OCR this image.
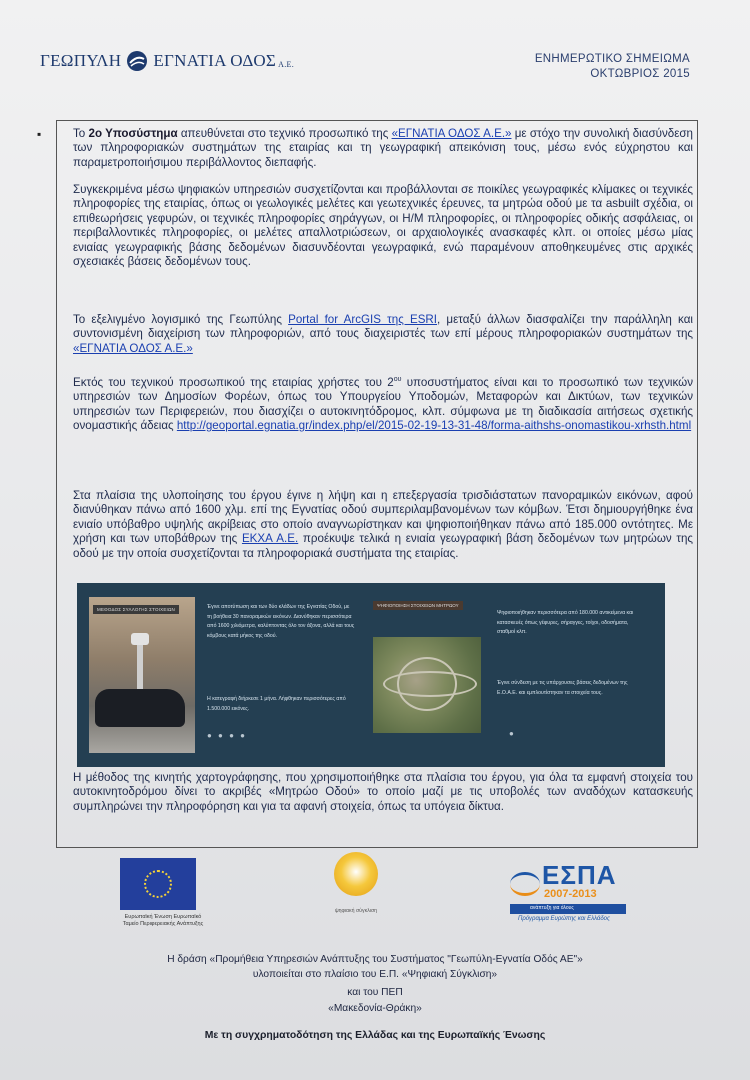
ΓΕΩΠΥΛΗ ΕΓΝΑΤΙΑ ΟΔΟΣ Α.Ε.	ΕΝΗΜΕΡΩΤΙΚΟ ΣΗΜΕΙΩΜΑ
ΟΚΤΩΒΡΙΟΣ 2015
▪	Το 2ο Υποσύστημα απευθύνεται στο τεχνικό προσωπικό της «ΕΓΝΑΤΙΑ ΟΔΟΣ Α.Ε.» με στόχο την συνολική διασύνδεση των πληροφοριακών συστημάτων της εταιρίας και τη γεωγραφική απεικόνιση τους, μέσω ενός εύχρηστου και παραμετροποιήσιμου περιβάλλοντος διεπαφής.

Συγκεκριμένα μέσω ψηφιακών υπηρεσιών συσχετίζονται και προβάλλονται σε ποικίλες γεωγραφικές κλίμακες οι τεχνικές πληροφορίες της εταιρίας, όπως οι γεωλογικές μελέτες και γεωτεχνικές έρευνες, τα μητρώα οδού με τα asbuilt σχέδια, οι επιθεωρήσεις γεφυρών, οι τεχνικές πληροφορίες σηράγγων, οι Η/Μ πληροφορίες, οι πληροφορίες οδικής ασφάλειας, οι περιβαλλοντικές πληροφορίες, οι μελέτες απαλλοτριώσεων, οι αρχαιολογικές ανασκαφές κλπ. οι οποίες μέσω μίας ενιαίας γεωγραφικής βάσης δεδομένων διασυνδέονται γεωγραφικά, ενώ παραμένουν αποθηκευμένες στις αρχικές σχεσιακές βάσεις δεδομένων τους.

Το εξελιγμένο λογισμικό της Γεωπύλης Portal for ArcGIS της ESRI, μεταξύ άλλων διασφαλίζει την παράλληλη και συντονισμένη διαχείριση των πληροφοριών, από τους διαχειριστές των επί μέρους πληροφοριακών συστημάτων της «ΕΓΝΑΤΙΑ ΟΔΟΣ Α.Ε.»

Εκτός του τεχνικού προσωπικού της εταιρίας χρήστες του $2^{o\upsilon}$ υποσυστήματος είναι και το προσωπικό των τεχνικών υπηρεσιών των Δημοσίων Φορέων, όπως του Υπουργείου Υποδομών, Μεταφορών και Δικτύων, των τεχνικών υπηρεσιών των Περιφερειών, που διασχίζει ο αυτοκινητόδρομος, κλπ. σύμφωνα με τη διαδικασία αιτήσεως σχετικής ονομαστικής άδειας http://geoportal.egnatia.gr/index.php/el/2015-02-19-13-31-48/forma-aithshs-onomastikou-xrhsth.html

Στα πλαίσια της υλοποίησης του έργου έγινε η λήψη και η επεξεργασία τρισδιάστατων πανοραμικών εικόνων, αφού διανύθηκαν πάνω από 1600 χλμ. επί της Εγνατίας οδού συμπεριλαμβανομένων των κόμβων. Έτσι δημιουργήθηκε ένα ενιαίο υπόβαθρο υψηλής ακρίβειας στο οποίο αναγνωρίστηκαν και ψηφιοποιήθηκαν πάνω από 185.000 οντότητες. Με χρήση και των υποβάθρων της ΕΚΧΑ Α.Ε. προέκυψε τελικά η ενιαία γεωγραφική βάση δεδομένων των μητρώων της οδού με την οποία συσχετίζονται τα πληροφοριακά συστήματα της εταιρίας.

ΜΕΘΟΔΟΣ ΣΥΛΛΟΓΗΣ ΣΤΟΙΧΕΙΩΝ	Έγινε αποτύπωση και των δύο κλάδων της Εγνατίας Οδού, με τη βοήθεια 30 πανοραμικών εικόνων. Διανύθηκαν περισσότερα από 1600 χιλιόμετρα, καλύπτοντας όλο τον άξονα, αλλά και τους κόμβους κατά μήκος της οδού.
Η κατεγραφή διήρκεσε 1 μήνα. Λήφθηκαν περισσότερες από 1.500.000 εικόνες.
● ● ● ●
ΨΗΦΙΟΠΟΙΗΣΗ ΣΤΟΙΧΕΙΩΝ ΜΗΤΡΩΟΥ
Ψηφιοποιήθηκαν περισσότερα από 180.000 αντικείμενα και κατασκευές όπως γέφυρες, σήραγγες, τοίχοι, οδοσήματα, σταθμοί κλπ.
Έγινε σύνδεση με τις υπάρχουσες βάσεις δεδομένων της Ε.Ο.Α.Ε. και εμπλουτίστηκαν τα στοιχεία τους.
●

Η μέθοδος της κινητής χαρτογράφησης, που χρησιμοποιήθηκε στα πλαίσια του έργου, για όλα τα εμφανή στοιχεία του αυτοκινητοδρόμου δίνει το ακριβές «Μητρώο Οδού» το οποίο μαζί με τις υποβολές των αναδόχων κατασκευής συμπληρώνει την πληροφόρηση και για τα αφανή στοιχεία, όπως τα υπόγεια δίκτυα.

Ευρωπαϊκή Ένωση Ευρωπαϊκό Ταμείο Περιφερειακής Ανάπτυξης
ψηφιακή σύγκλιση
ΕΣΠΑ
2007-2013
ανάπτυξη για όλους
Πρόγραμμα Ευρώπης και Ελλάδος
Η δράση «Προμήθεια Υπηρεσιών Ανάπτυξης του Συστήματος "Γεωπύλη-Εγνατία Οδός ΑΕ"»
υλοποιείται στο πλαίσιο του Ε.Π. «Ψηφιακή Σύγκλιση»
και του ΠΕΠ
«Μακεδονία-Θράκη»
Με τη συγχρηματοδότηση της Ελλάδας και της Ευρωπαϊκής Ένωσης
